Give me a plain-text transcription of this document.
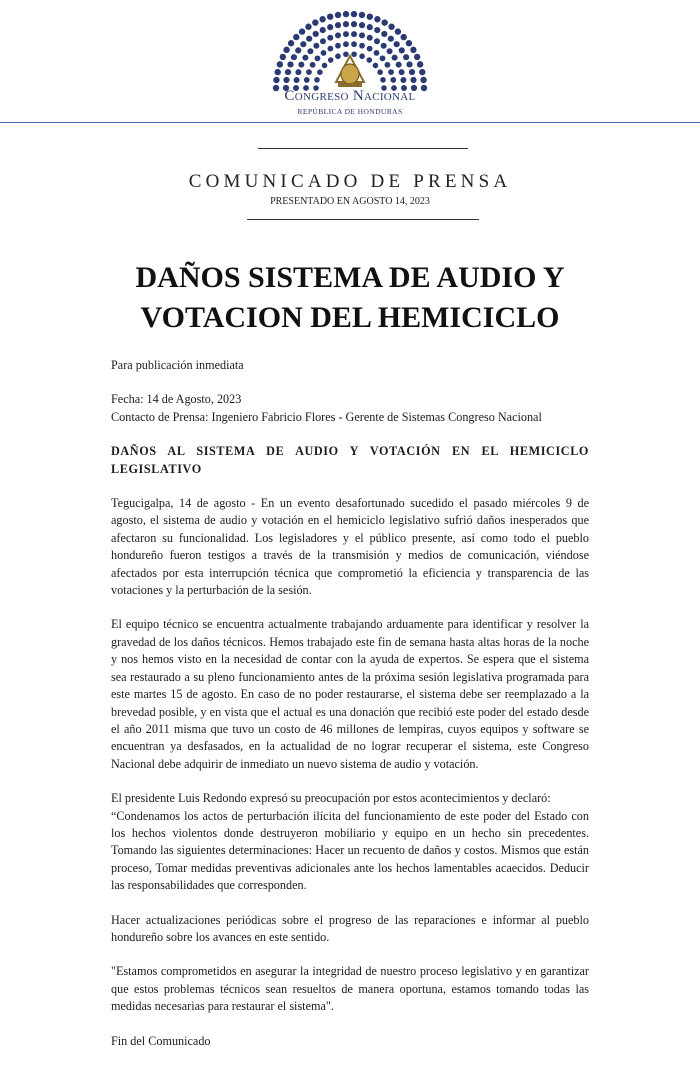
Congreso Nacional
REPÚBLICA DE HONDURAS
COMUNICADO DE PRENSA
PRESENTADO EN AGOSTO 14, 2023
DAÑOS SISTEMA DE AUDIO Y
VOTACION DEL HEMICICLO

Para publicación inmediata

Fecha: 14 de Agosto, 2023

Contacto de Prensa: Ingeniero Fabricio Flores - Gerente de Sistemas Congreso Nacional

DAÑOS AL SISTEMA DE AUDIO Y VOTACIÓN EN EL HEMICICLO LEGISLATIVO

Tegucigalpa, 14 de agosto - En un evento desafortunado sucedido el pasado miércoles 9 de agosto, el sistema de audio y votación en el hemiciclo legislativo sufrió daños inesperados que afectaron su funcionalidad. Los legisladores y el público presente, así como todo el pueblo hondureño fueron testigos a través de la transmisión y medios de comunicación, viéndose afectados por esta interrupción técnica que comprometió la eficiencia y transparencia de las votaciones y la perturbación de la sesión.

El equipo técnico se encuentra actualmente trabajando arduamente para identificar y resolver la gravedad de los daños técnicos. Hemos trabajado este fin de semana hasta altas horas de la noche y nos hemos visto en la necesidad de contar con la ayuda de expertos. Se espera que el sistema sea restaurado a su pleno funcionamiento antes de la próxima sesión legislativa programada para este martes 15 de agosto. En caso de no poder restaurarse, el sistema debe ser reemplazado a la brevedad posible, y en vista que el actual es una donación que recibió este poder del estado desde el año 2011 misma que tuvo un costo de 46 millones de lempiras, cuyos equipos y software se encuentran ya desfasados, en la actualidad de no lograr recuperar el sistema, este Congreso Nacional debe adquirir de inmediato un nuevo sistema de audio y votación.

El presidente Luis Redondo expresó su preocupación por estos acontecimientos y declaró:

“Condenamos los actos de perturbación ilícita del funcionamiento de este poder del Estado con los hechos violentos donde destruyeron mobiliario y equipo en un hecho sin precedentes. Tomando las siguientes determinaciones: Hacer un recuento de daños y costos. Mismos que están proceso, Tomar medidas preventivas adicionales ante los hechos lamentables acaecidos. Deducir las responsabilidades que corresponden.

Hacer actualizaciones periódicas sobre el progreso de las reparaciones e informar al pueblo hondureño sobre los avances en este sentido.

"Estamos comprometidos en asegurar la integridad de nuestro proceso legislativo y en garantizar que estos problemas técnicos sean resueltos de manera oportuna, estamos tomando todas las medidas necesarias para restaurar el sistema".

Fin del Comunicado
